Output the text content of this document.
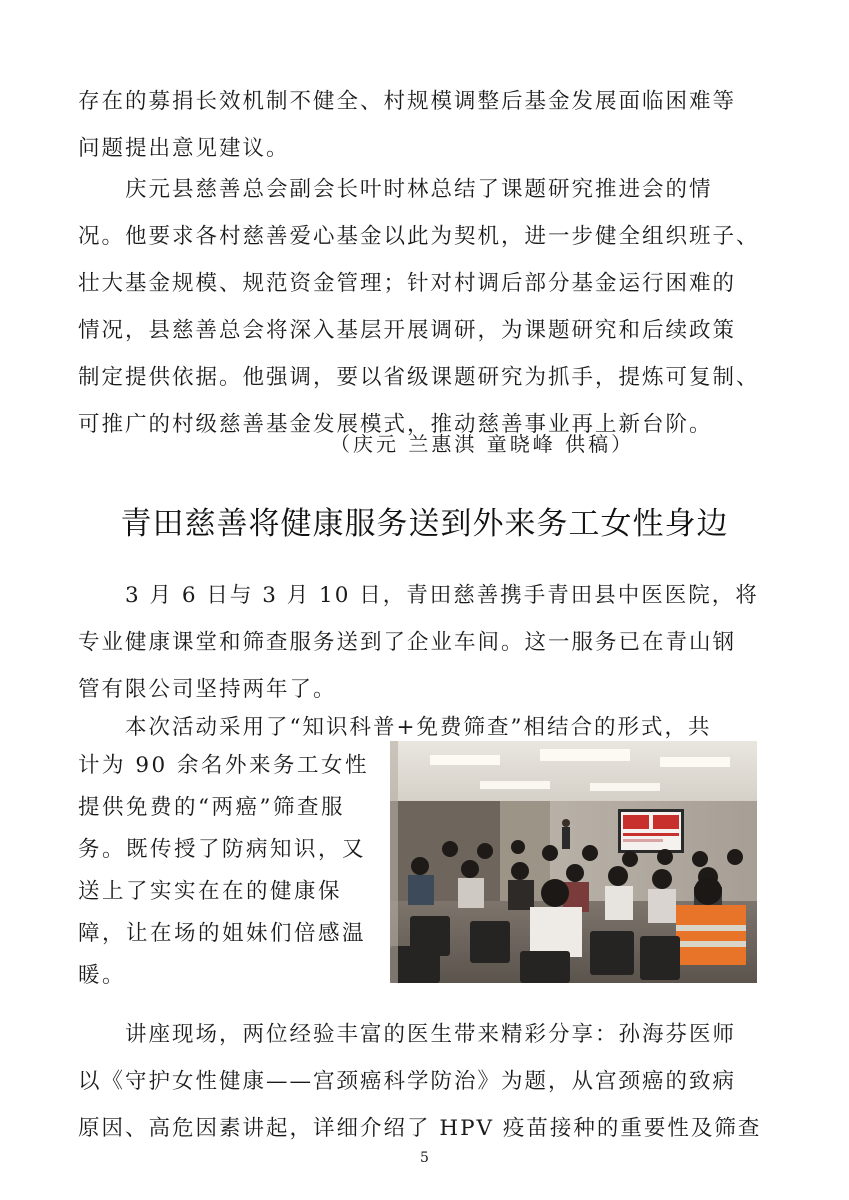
存在的募捐长效机制不健全、村规模调整后基金发展面临困难等
问题提出意见建议。
　　庆元县慈善总会副会长叶时林总结了课题研究推进会的情
况。他要求各村慈善爱心基金以此为契机，进一步健全组织班子、
壮大基金规模、规范资金管理；针对村调后部分基金运行困难的
情况，县慈善总会将深入基层开展调研，为课题研究和后续政策
制定提供依据。他强调，要以省级课题研究为抓手，提炼可复制、
可推广的村级慈善基金发展模式，推动慈善事业再上新台阶。
（庆元 兰惠淇 童晓峰 供稿）
青田慈善将健康服务送到外来务工女性身边
　　3 月 6 日与 3 月 10 日，青田慈善携手青田县中医医院，将
专业健康课堂和筛查服务送到了企业车间。这一服务已在青山钢
管有限公司坚持两年了。
　　本次活动采用了“知识科普+免费筛查”相结合的形式，共
计为 90 余名外来务工女性
提供免费的“两癌”筛查服
务。既传授了防病知识，又
送上了实实在在的健康保
障，让在场的姐妹们倍感温
暖。
　　讲座现场，两位经验丰富的医生带来精彩分享：孙海芬医师
以《守护女性健康——宫颈癌科学防治》为题，从宫颈癌的致病
原因、高危因素讲起，详细介绍了 HPV 疫苗接种的重要性及筛查
5
